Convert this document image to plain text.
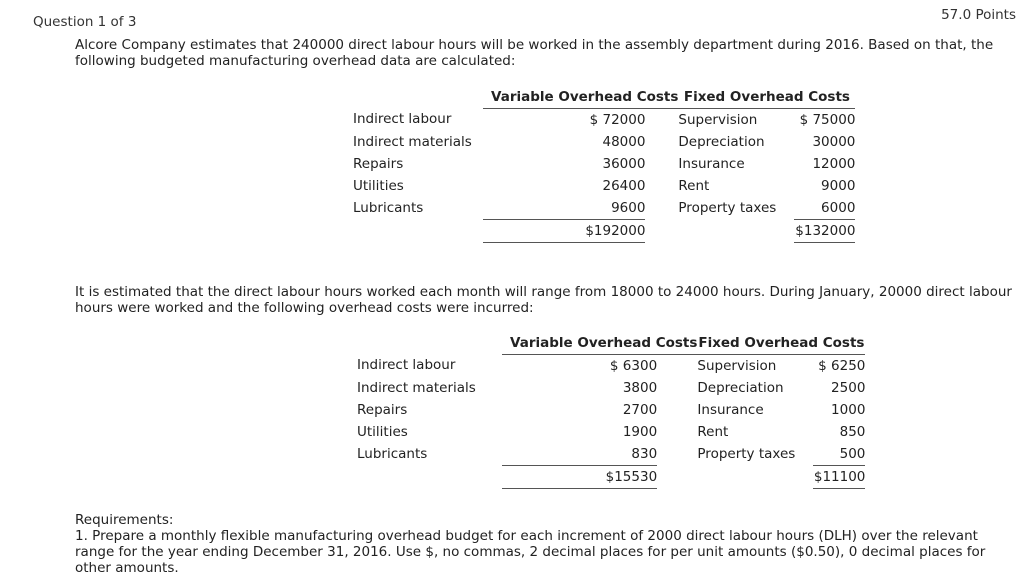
Question 1 of 3	57.0 Points
Alcore Company estimates that 240000 direct labour hours will be worked in the assembly department during 2016. Based on that, the following budgeted manufacturing overhead data are calculated:
	Variable Overhead Costs		Fixed Overhead Costs	
Indirect labour	$ 72000		Supervision	$ 75000
Indirect materials	48000		Depreciation	30000
Repairs	36000		Insurance	12000
Utilities	26400		Rent	9000
Lubricants	9600		Property taxes	6000
	$192000			$132000
It is estimated that the direct labour hours worked each month will range from 18000 to 24000 hours. During January, 20000 direct labour hours were worked and the following overhead costs were incurred:
	Variable Overhead Costs		Fixed Overhead Costs	
Indirect labour	$ 6300		Supervision	$ 6250
Indirect materials	3800		Depreciation	2500
Repairs	2700		Insurance	1000
Utilities	1900		Rent	850
Lubricants	830		Property taxes	500
	$15530			$11100
Requirements:
1. Prepare a monthly flexible manufacturing overhead budget for each increment of 2000 direct labour hours (DLH) over the relevant range for the year ending December 31, 2016. Use $, no commas, 2 decimal places for per unit amounts ($0.50), 0 decimal places for other amounts.
